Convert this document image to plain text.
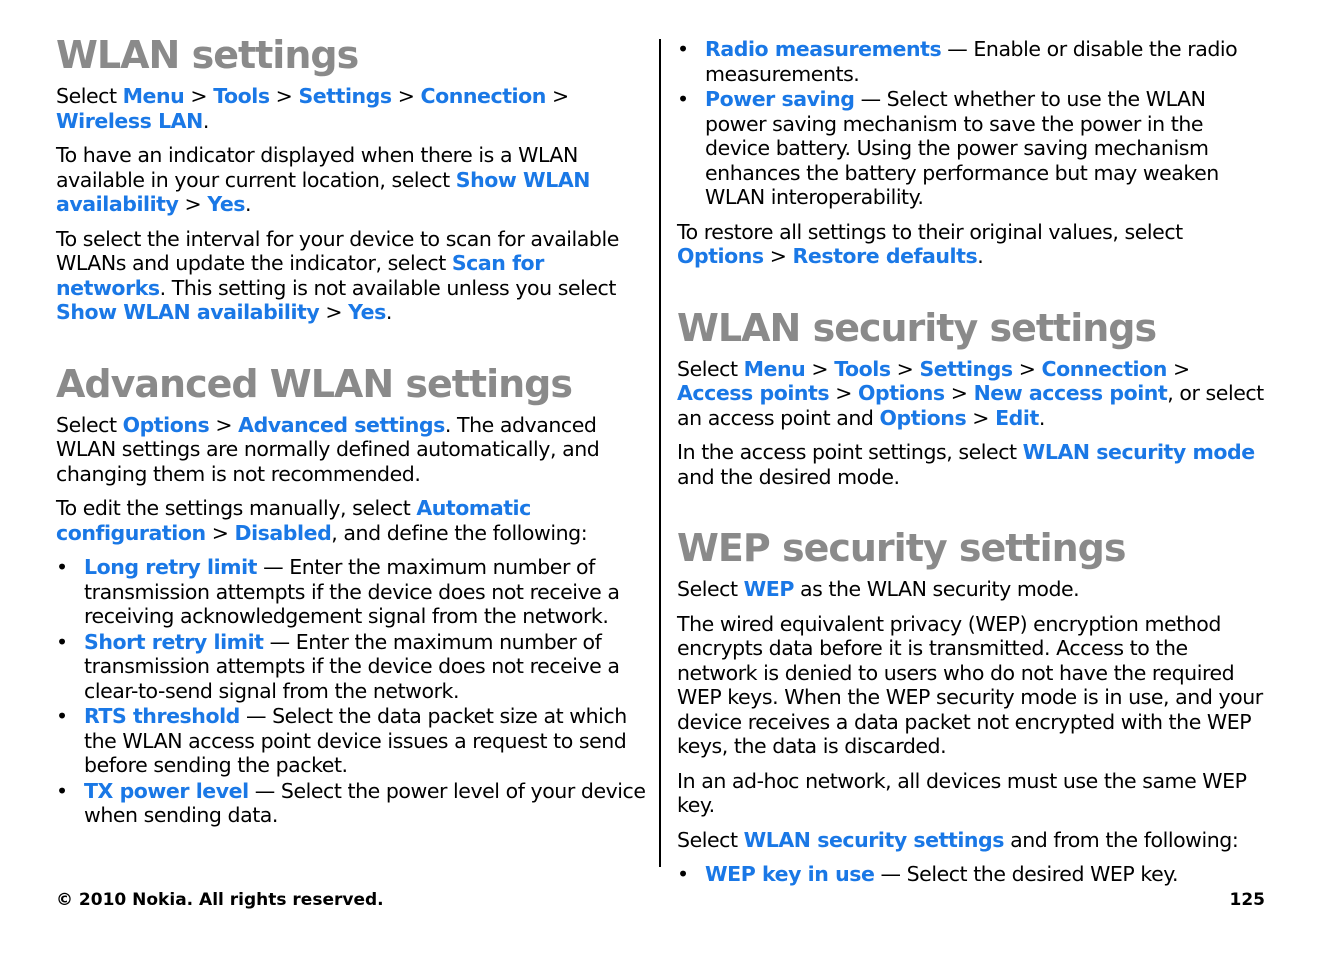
WLAN settings

Select Menu > Tools > Settings > Connection > Wireless LAN.

To have an indicator displayed when there is a WLAN available in your current location, select Show WLAN availability > Yes.

To select the interval for your device to scan for available WLANs and update the indicator, select Scan for networks. This setting is not available unless you select Show WLAN availability > Yes.

Advanced WLAN settings

Select Options > Advanced settings. The advanced WLAN settings are normally defined automatically, and changing them is not recommended.

To edit the settings manually, select Automatic configuration > Disabled, and define the following:

• Long retry limit — Enter the maximum number of transmission attempts if the device does not receive a receiving acknowledgement signal from the network.
• Short retry limit — Enter the maximum number of transmission attempts if the device does not receive a clear-to-send signal from the network.
• RTS threshold — Select the data packet size at which the WLAN access point device issues a request to send before sending the packet.
• TX power level — Select the power level of your device when sending data.
• Radio measurements — Enable or disable the radio measurements.
• Power saving — Select whether to use the WLAN power saving mechanism to save the power in the device battery. Using the power saving mechanism enhances the battery performance but may weaken WLAN interoperability.

To restore all settings to their original values, select Options > Restore defaults.

WLAN security settings

Select Menu > Tools > Settings > Connection > Access points > Options > New access point, or select an access point and Options > Edit.

In the access point settings, select WLAN security mode and the desired mode.

WEP security settings

Select WEP as the WLAN security mode.

The wired equivalent privacy (WEP) encryption method encrypts data before it is transmitted. Access to the network is denied to users who do not have the required WEP keys. When the WEP security mode is in use, and your device receives a data packet not encrypted with the WEP keys, the data is discarded.

In an ad-hoc network, all devices must use the same WEP key.

Select WLAN security settings and from the following:

• WEP key in use — Select the desired WEP key.
© 2010 Nokia. All rights reserved.	125
